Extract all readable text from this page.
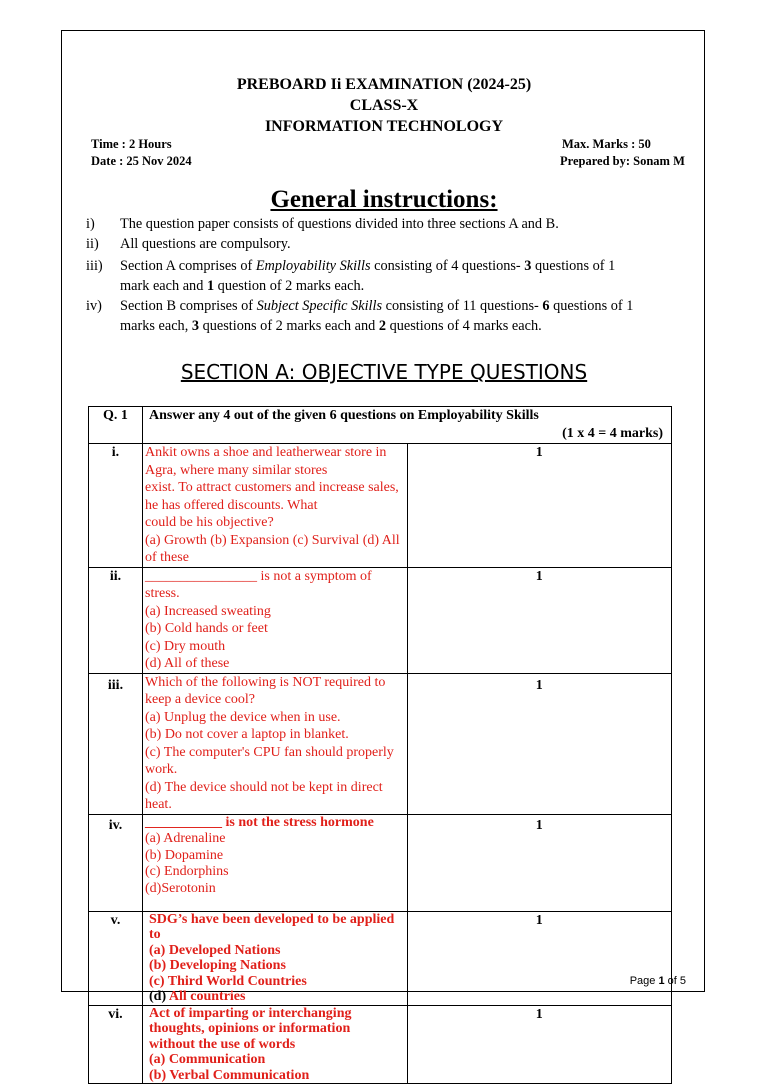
PREBOARD Ii EXAMINATION (2024-25)
CLASS-X
INFORMATION TECHNOLOGY
Time : 2 Hours
Date : 25 Nov 2024
Max. Marks : 50
Prepared by: Sonam M
General instructions:
i) The question paper consists of questions divided into three sections A and B.
ii) All questions are compulsory.
iii) Section A comprises of Employability Skills consisting of 4 questions- 3 questions of 1
mark each and 1 question of 2 marks each.
iv) Section B comprises of Subject Specific Skills consisting of 11 questions- 6 questions of 1
marks each, 3 questions of 2 marks each and 2 questions of 4 marks each.
SECTION A: OBJECTIVE TYPE QUESTIONS
Q. 1	Answer any 4 out of the given 6 questions on Employability Skills
(1 x 4 = 4 marks)	

i.	Ankit owns a shoe and leatherwear store in Agra, where many similar stores
exist. To attract customers and increase sales, he has offered discounts. What
could be his objective?
(a) Growth (b) Expansion (c) Survival (d) All of these	1
ii.	________________ is not a symptom of stress.
(a) Increased sweating
(b) Cold hands or feet
(c) Dry mouth
(d) All of these	1
iii.	Which of the following is NOT required to keep a device cool?
(a) Unplug the device when in use.
(b) Do not cover a laptop in blanket.
(c) The computer's CPU fan should properly work.
(d) The device should not be kept in direct heat.	1
iv.	___________ is not the stress hormone
(a) Adrenaline
(b) Dopamine
(c) Endorphins
(d)Serotonin	1
v.	SDG’s have been developed to be applied to
(a) Developed Nations
(b) Developing Nations
(c) Third World Countries
(d) All countries	1
vi.	Act of imparting or interchanging thoughts, opinions or information
without the use of words
(a) Communication
(b) Verbal Communication	1
Page 1 of 5
